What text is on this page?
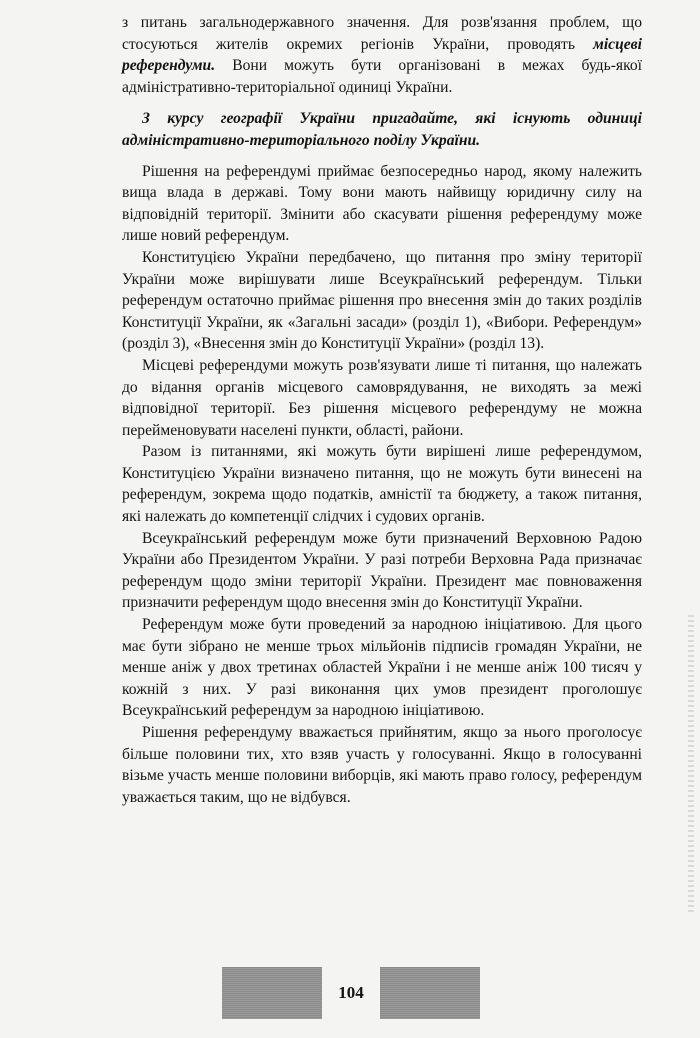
з питань загальнодержавного значення. Для розв'язання проблем, що стосуються жителів окремих регіонів України, проводять місцеві референдуми. Вони можуть бути організовані в межах будь-якої адміністративно-територіальної одиниці України.

З курсу географії України пригадайте, які існують одиниці адміністративно-територіального поділу України.

Рішення на референдумі приймає безпосередньо народ, якому належить вища влада в державі. Тому вони мають найвищу юридичну силу на відповідній території. Змінити або скасувати рішення референдуму може лише новий референдум.

Конституцією України передбачено, що питання про зміну території України може вирішувати лише Всеукраїнський референдум. Тільки референдум остаточно приймає рішення про внесення змін до таких розділів Конституції України, як «Загальні засади» (розділ 1), «Вибори. Референдум» (розділ 3), «Внесення змін до Конституції України» (розділ 13).

Місцеві референдуми можуть розв'язувати лише ті питання, що належать до відання органів місцевого самоврядування, не виходять за межі відповідної території. Без рішення місцевого референдуму не можна перейменовувати населені пункти, області, райони.

Разом із питаннями, які можуть бути вирішені лише референдумом, Конституцією України визначено питання, що не можуть бути винесені на референдум, зокрема щодо податків, амністії та бюджету, а також питання, які належать до компетенції слідчих і судових органів.

Всеукраїнський референдум може бути призначений Верховною Радою України або Президентом України. У разі потреби Верховна Рада призначає референдум щодо зміни території України. Президент має повноваження призначити референдум щодо внесення змін до Конституції України.

Референдум може бути проведений за народною ініціативою. Для цього має бути зібрано не менше трьох мільйонів підписів громадян України, не менше аніж у двох третинах областей України і не менше аніж 100 тисяч у кожній з них. У разі виконання цих умов президент проголошує Всеукраїнський референдум за народною ініціативою.

Рішення референдуму вважається прийнятим, якщо за нього проголосує більше половини тих, хто взяв участь у голосуванні. Якщо в голосуванні візьме участь менше половини виборців, які мають право голосу, референдум уважається таким, що не відбувся.

104
